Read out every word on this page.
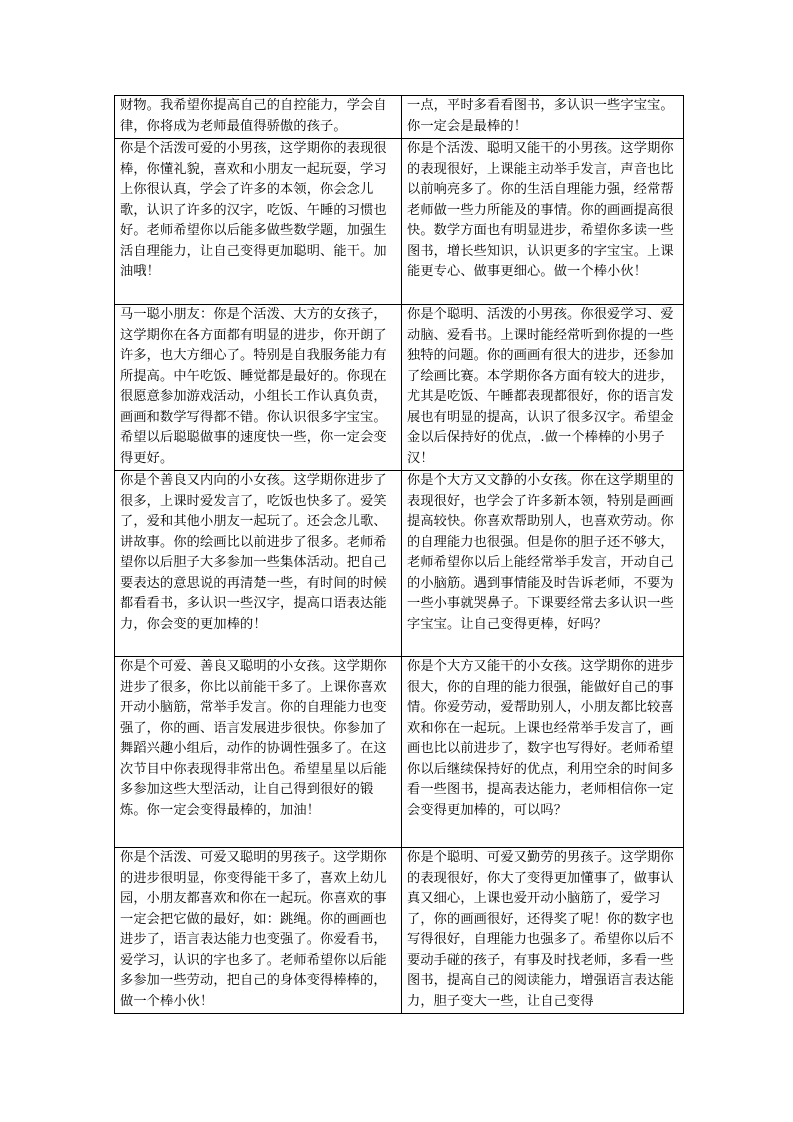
财物。我希望你提高自己的自控能力，学会自律，你将成为老师最值得骄傲的孩子。	一点，平时多看看图书，多认识一些字宝宝。你一定会是最棒的！
你是个活泼可爱的小男孩，这学期你的表现很棒，你懂礼貌，喜欢和小朋友一起玩耍，学习上你很认真，学会了许多的本领，你会念儿歌，认识了许多的汉字，吃饭、午睡的习惯也好。老师希望你以后能多做些数学题，加强生活自理能力，让自己变得更加聪明、能干。加油哦！	你是个活泼、聪明又能干的小男孩。这学期你的表现很好，上课能主动举手发言，声音也比以前响亮多了。你的生活自理能力强，经常帮老师做一些力所能及的事情。你的画画提高很快。数学方面也有明显进步，希望你多读一些图书，增长些知识，认识更多的字宝宝。上课能更专心、做事更细心。做一个棒小伙！
马一聪小朋友：你是个活泼、大方的女孩子，这学期你在各方面都有明显的进步，你开朗了许多，也大方细心了。特别是自我服务能力有所提高。中午吃饭、睡觉都是最好的。你现在很愿意参加游戏活动，小组长工作认真负责，画画和数学写得都不错。你认识很多字宝宝。希望以后聪聪做事的速度快一些，你一定会变得更好。	你是个聪明、活泼的小男孩。你很爱学习、爱动脑、爱看书。上课时能经常听到你提的一些独特的问题。你的画画有很大的进步，还参加了绘画比赛。本学期你各方面有较大的进步，尤其是吃饭、午睡都表现都很好，你的语言发展也有明显的提高，认识了很多汉字。希望金金以后保持好的优点，.做一个棒棒的小男子汉！
你是个善良又内向的小女孩。这学期你进步了很多，上课时爱发言了，吃饭也快多了。爱笑了，爱和其他小朋友一起玩了。还会念儿歌、讲故事。你的绘画比以前进步了很多。老师希望你以后胆子大多参加一些集体活动。把自己要表达的意思说的再清楚一些，有时间的时候都看看书，多认识一些汉字，提高口语表达能力，你会变的更加棒的！	你是个大方又文静的小女孩。你在这学期里的表现很好，也学会了许多新本领，特别是画画提高较快。你喜欢帮助别人，也喜欢劳动。你的自理能力也很强。但是你的胆子还不够大，老师希望你以后上能经常举手发言，开动自己的小脑筋。遇到事情能及时告诉老师，不要为一些小事就哭鼻子。下课要经常去多认识一些字宝宝。让自己变得更棒，好吗？
你是个可爱、善良又聪明的小女孩。这学期你进步了很多，你比以前能干多了。上课你喜欢开动小脑筋，常举手发言。你的自理能力也变强了，你的画、语言发展进步很快。你参加了舞蹈兴趣小组后，动作的协调性强多了。在这次节目中你表现得非常出色。希望星星以后能多参加这些大型活动，让自己得到很好的锻炼。你一定会变得最棒的，加油！	你是个大方又能干的小女孩。这学期你的进步很大，你的自理的能力很强，能做好自己的事情。你爱劳动，爱帮助别人，小朋友都比较喜欢和你在一起玩。上课也经常举手发言了，画画也比以前进步了，数字也写得好。老师希望你以后继续保持好的优点，利用空余的时间多看一些图书，提高表达能力，老师相信你一定会变得更加棒的，可以吗？
你是个活泼、可爱又聪明的男孩子。这学期你的进步很明显，你变得能干多了，喜欢上幼儿园，小朋友都喜欢和你在一起玩。你喜欢的事一定会把它做的最好，如：跳绳。你的画画也进步了，语言表达能力也变强了。你爱看书，爱学习，认识的字也多了。老师希望你以后能多参加一些劳动，把自己的身体变得棒棒的，做一个棒小伙！	你是个聪明、可爱又勤劳的男孩子。这学期你的表现很好，你大了变得更加懂事了，做事认真又细心，上课也爱开动小脑筋了，爱学习了，你的画画很好，还得奖了呢！你的数字也写得很好，自理能力也强多了。希望你以后不要动手碰的孩子，有事及时找老师，多看一些图书，提高自己的阅读能力，增强语言表达能力，胆子变大一些，让自己变得
